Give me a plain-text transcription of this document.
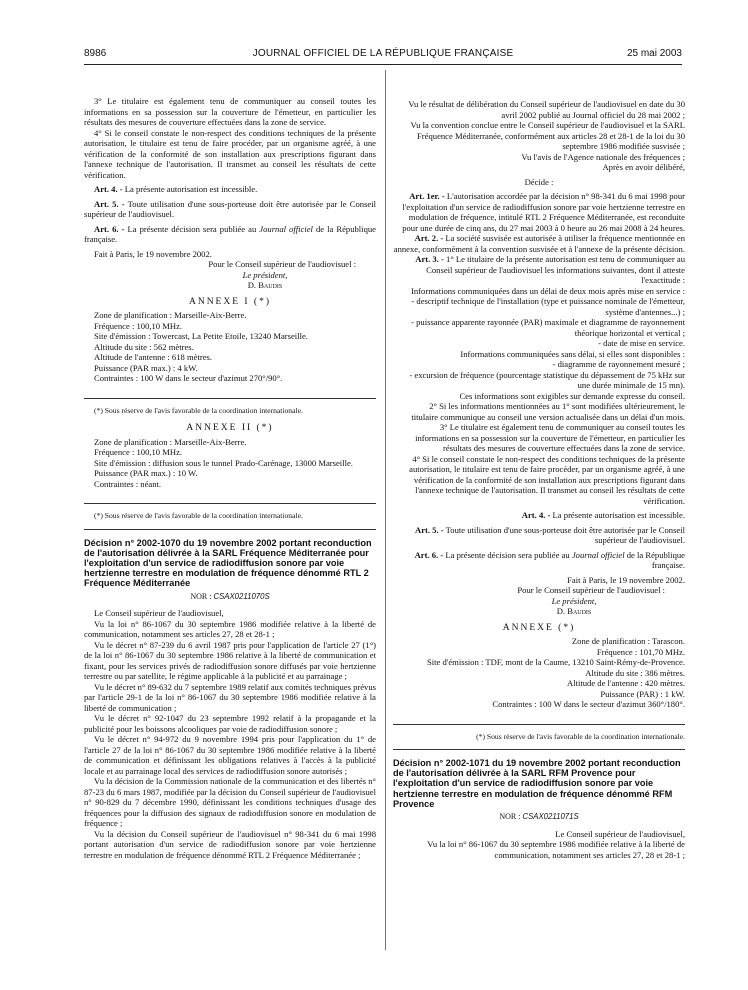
8986	JOURNAL OFFICIEL DE LA RÉPUBLIQUE FRANÇAISE	25 mai 2003

3° Le titulaire est également tenu de communiquer au conseil toutes les informations en sa possession sur la couverture de l'émetteur, en particulier les résultats des mesures de couverture effectuées dans la zone de service.

4° Si le conseil constate le non-respect des conditions techniques de la présente autorisation, le titulaire est tenu de faire procéder, par un organisme agréé, à une vérification de la conformité de son installation aux prescriptions figurant dans l'annexe technique de l'autorisation. Il transmet au conseil les résultats de cette vérification.

Art. 4. - La présente autorisation est incessible.

Art. 5. - Toute utilisation d'une sous-porteuse doit être autorisée par le Conseil supérieur de l'audiovisuel.

Art. 6. - La présente décision sera publiée au Journal officiel de la République française.

Fait à Paris, le 19 novembre 2002.

Pour le Conseil supérieur de l'audiovisuel :

Le président,

D. Baudis

ANNEXE I (*)

Zone de planification : Marseille-Aix-Berre.

Fréquence : 100,10 MHz.

Site d'émission : Towercast, La Petite Etoile, 13240 Marseille.

Altitude du site : 562 mètres.

Altitude de l'antenne : 618 mètres.

Puissance (PAR max.) : 4 kW.

Contraintes : 100 W dans le secteur d'azimut 270°/90°.

(*) Sous réserve de l'avis favorable de la coordination internationale.

ANNEXE II (*)

Zone de planification : Marseille-Aix-Berre.

Fréquence : 100,10 MHz.

Site d'émission : diffusion sous le tunnel Prado-Carénage, 13000 Marseille.

Puissance (PAR max.) : 10 W.

Contraintes : néant.

(*) Sous réserve de l'avis favorable de la coordination internationale.

Décision n° 2002-1070 du 19 novembre 2002 portant reconduction de l'autorisation délivrée à la SARL Fréquence Méditerranée pour l'exploitation d'un service de radiodiffusion sonore par voie hertzienne terrestre en modulation de fréquence dénommé RTL 2 Fréquence Méditerranée

NOR : CSAX0211070S

Le Conseil supérieur de l'audiovisuel,

Vu la loi n° 86-1067 du 30 septembre 1986 modifiée relative à la liberté de communication, notamment ses articles 27, 28 et 28-1 ;

Vu le décret n° 87-239 du 6 avril 1987 pris pour l'application de l'article 27 (1°) de la loi n° 86-1067 du 30 septembre 1986 relative à la liberté de communication et fixant, pour les services privés de radiodiffusion sonore diffusés par voie hertzienne terrestre ou par satellite, le régime applicable à la publicité et au parrainage ;

Vu le décret n° 89-632 du 7 septembre 1989 relatif aux comités techniques prévus par l'article 29-1 de la loi n° 86-1067 du 30 septembre 1986 modifiée relative à la liberté de communication ;

Vu le décret n° 92-1047 du 23 septembre 1992 relatif à la propagande et la publicité pour les boissons alcooliques par voie de radiodiffusion sonore ;

Vu le décret n° 94-972 du 9 novembre 1994 pris pour l'application du 1° de l'article 27 de la loi n° 86-1067 du 30 septembre 1986 modifiée relative à la liberté de communication et définissant les obligations relatives à l'accès à la publicité locale et au parrainage local des services de radiodiffusion sonore autorisés ;

Vu la décision de la Commission nationale de la communication et des libertés n° 87-23 du 6 mars 1987, modifiée par la décision du Conseil supérieur de l'audiovisuel n° 90-829 du 7 décembre 1990, définissant les conditions techniques d'usage des fréquences pour la diffusion des signaux de radiodiffusion sonore en modulation de fréquence ;

Vu la décision du Conseil supérieur de l'audiovisuel n° 98-341 du 6 mai 1998 portant autorisation d'un service de radiodiffusion sonore par voie hertzienne terrestre en modulation de fréquence dénommé RTL 2 Fréquence Méditerranée ;

Vu le résultat de délibération du Conseil supérieur de l'audiovisuel en date du 30 avril 2002 publié au Journal officiel du 28 mai 2002 ;

Vu la convention conclue entre le Conseil supérieur de l'audiovisuel et la SARL Fréquence Méditerranée, conformément aux articles 28 et 28-1 de la loi du 30 septembre 1986 modifiée susvisée ;

Vu l'avis de l'Agence nationale des fréquences ;

Après en avoir délibéré,

Décide :

Art. 1er. - L'autorisation accordée par la décision n° 98-341 du 6 mai 1998 pour l'exploitation d'un service de radiodiffusion sonore par voie hertzienne terrestre en modulation de fréquence, intitulé RTL 2 Fréquence Méditerranée, est reconduite pour une durée de cinq ans, du 27 mai 2003 à 0 heure au 26 mai 2008 à 24 heures.

Art. 2. - La société susvisée est autorisée à utiliser la fréquence mentionnée en annexe, conformément à la convention susvisée et à l'annexe de la présente décision.

Art. 3. - 1° Le titulaire de la présente autorisation est tenu de communiquer au Conseil supérieur de l'audiovisuel les informations suivantes, dont il atteste l'exactitude :

Informations communiquées dans un délai de deux mois après mise en service :

- descriptif technique de l'installation (type et puissance nominale de l'émetteur, système d'antennes...) ;

- puissance apparente rayonnée (PAR) maximale et diagramme de rayonnement théorique horizontal et vertical ;

- date de mise en service.

Informations communiquées sans délai, si elles sont disponibles :

- diagramme de rayonnement mesuré ;

- excursion de fréquence (pourcentage statistique du dépassement de 75 kHz sur une durée minimale de 15 mn).

Ces informations sont exigibles sur demande expresse du conseil.

2° Si les informations mentionnées au 1° sont modifiées ultérieurement, le titulaire communique au conseil une version actualisée dans un délai d'un mois.

3° Le titulaire est également tenu de communiquer au conseil toutes les informations en sa possession sur la couverture de l'émetteur, en particulier les résultats des mesures de couverture effectuées dans la zone de service.

4° Si le conseil constate le non-respect des conditions techniques de la présente autorisation, le titulaire est tenu de faire procéder, par un organisme agréé, à une vérification de la conformité de son installation aux prescriptions figurant dans l'annexe technique de l'autorisation. Il transmet au conseil les résultats de cette vérification.

Art. 4. - La présente autorisation est incessible.

Art. 5. - Toute utilisation d'une sous-porteuse doit être autorisée par le Conseil supérieur de l'audiovisuel.

Art. 6. - La présente décision sera publiée au Journal officiel de la République française.

Fait à Paris, le 19 novembre 2002.

Pour le Conseil supérieur de l'audiovisuel :

Le président,

D. Baudis

ANNEXE (*)

Zone de planification : Tarascon.

Fréquence : 101,70 MHz.

Site d'émission : TDF, mont de la Caume, 13210 Saint-Rémy-de-Provence.

Altitude du site : 386 mètres.

Altitude de l'antenne : 420 mètres.

Puissance (PAR) : 1 kW.

Contraintes : 100 W dans le secteur d'azimut 360°/180°.

(*) Sous réserve de l'avis favorable de la coordination internationale.

Décision n° 2002-1071 du 19 novembre 2002 portant reconduction de l'autorisation délivrée à la SARL RFM Provence pour l'exploitation d'un service de radiodiffusion sonore par voie hertzienne terrestre en modulation de fréquence dénommé RFM Provence

NOR : CSAX0211071S

Le Conseil supérieur de l'audiovisuel,

Vu la loi n° 86-1067 du 30 septembre 1986 modifiée relative à la liberté de communication, notamment ses articles 27, 28 et 28-1 ;
